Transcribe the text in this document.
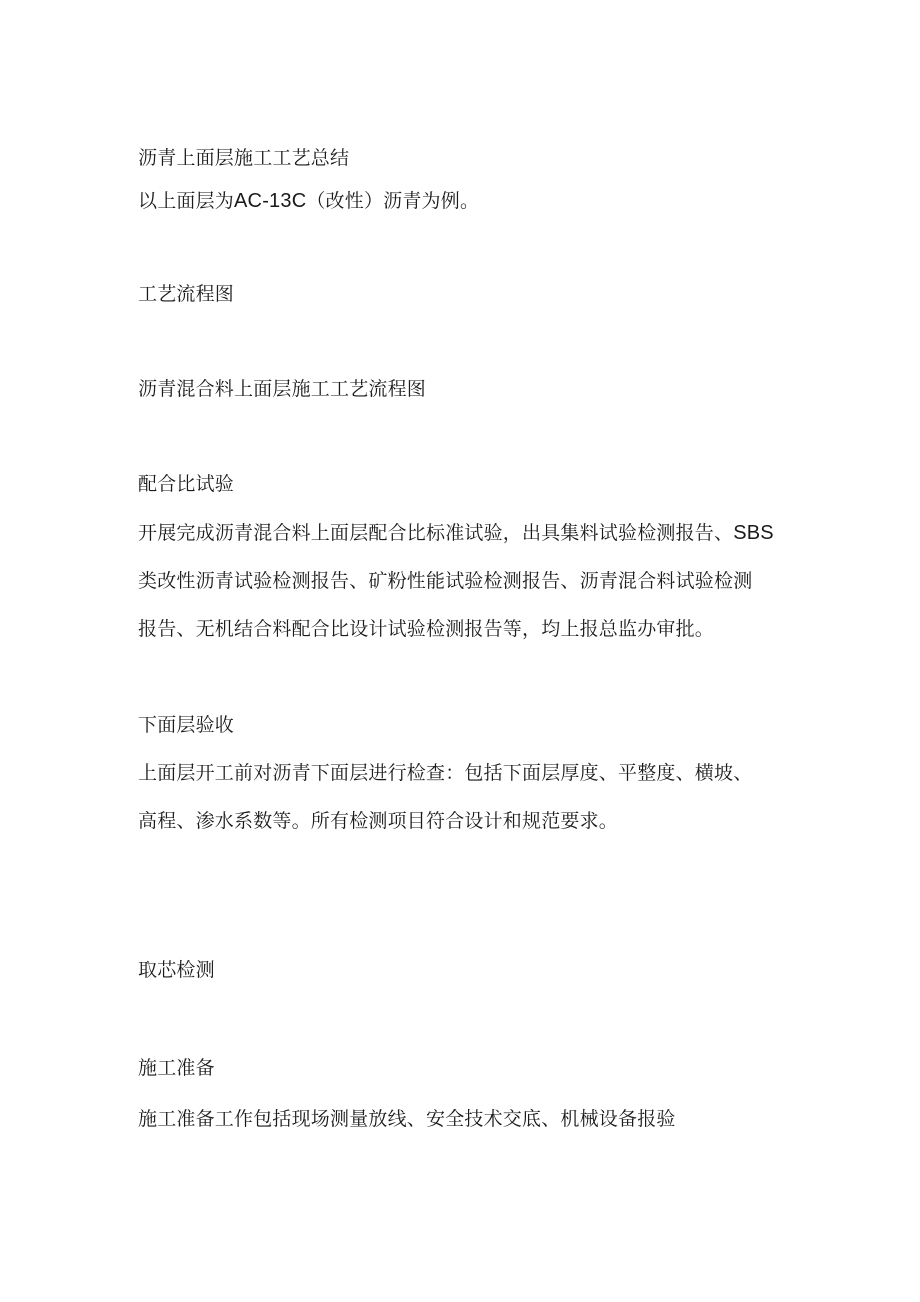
沥青上面层施工工艺总结
以上面层为AC-13C（改性）沥青为例。
工艺流程图
沥青混合料上面层施工工艺流程图
配合比试验
开展完成沥青混合料上面层配合比标准试验，出具集料试验检测报告、SBS
类改性沥青试验检测报告、矿粉性能试验检测报告、沥青混合料试验检测
报告、无机结合料配合比设计试验检测报告等，均上报总监办审批。
下面层验收
上面层开工前对沥青下面层进行检查：包括下面层厚度、平整度、横坡、
高程、渗水系数等。所有检测项目符合设计和规范要求。
取芯检测
施工准备
施工准备工作包括现场测量放线、安全技术交底、机械设备报验
